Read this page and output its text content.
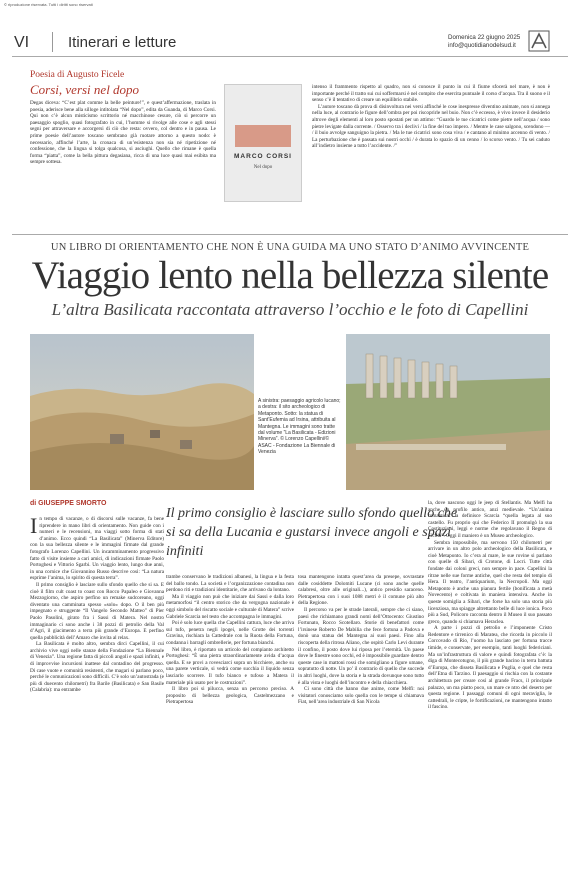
© riproduzione riservata. Tutti i diritti sono riservati
VI	Itinerari e letture	Domenica 22 giugno 2025
info@quotidianodelsud.it
Poesia di Augusto Ficele
Corsi, versi nel dopo

Degas diceva: “C’est plat comme la belle peinture!”, e quest’affermazione, traslata in poesia, aderisce bene alla silloge intitolata “Nel dopo”, edita da Guanda, di Marco Corsi. Qui non c’è alcun misticismo scrittorio né macchinose cesure, ciò si percorre un paesaggio spoglio, quasi fotografato in cui, l’homme si rivolge alle cose e agli stessi segni per attraversare e accorgersi di ciò che resta: ovvero, col dentro e in pausa. Le prime poesie dell’autore toscano sembrano già ruotare attorno a questo nodo: è necessario, affinché l’arte, la cronaca di un’esistenza non sia né ripetizione né confessione, che la lingua si tolga qualcosa, si asciughi. Quello che rimane è quella forma “piatta”, come la bella pittura degasiana, ricca di una luce quasi mai esibita ma sempre sottesa.

MARCO CORSI
Nel dopo

intenso il frammento rispetto al quadro, non si conosce il punto in cui il fiume sfocerà nel mare, è non è importante perché il tratto sui cui soffermarsi è nel compito che esercita puntuale il corso d’acqua. Tra il suono e il senso c’è il tentativo di creare un equilibrio stabile.

L’autore toscano dà prova di disinvoltura nei versi affinché le cose inespresse diventino animate, non si annega nella luce, al contrario le figure dell’ombra per poi riscoprirle nel buio. Non c’è eccesso, è vivo invece il desiderio altrove degli elementi al loro posto spostati per un attimo: “Guardo le tue cicatrici come pietre nell’acqua / sono pietre levigate dalla corrente. / Osservo tra i declivi / la fine del tuo impero. / Mentre le case salgono, scendono — / il buio avvolge sanguigno la pietra. / Ma le tue cicatrici sono cosa viva / e cantano al minimo accenno di vento. / La perturbazione che è passata sui nostri occhi / è durata lo spazio di un cenno / lo scorso vento. / Tu sei caduto all’indietro insieme a tutto l’accidente. /”

UN LIBRO DI ORIENTAMENTO CHE NON È UNA GUIDA MA UNO STATO D’ANIMO AVVINCENTE
Viaggio lento nella bellezza silente
L’altra Basilicata raccontata attraverso l’occhio e le foto di Capellini
A sinistra: paesaggio agricolo lucano; a destra: il sito archeologico di Metaponto. Sotto: la statua di Sant’Eufemia ad Irsina, attribuita al Mantegna. Le immagini sono tratte dal volume “La Basilicata - Edizioni Minerva”. © Lorenzo Capellini/© ASAC - Fondazione La Biennale di Venezia
di GIUSEPPE SMORTO
Il primo consiglio è lasciare sullo sfondo quello che si sa della Lucania e gustarsi invece angoli e spazi infiniti

In tempo di vacanze, o di discorsi sulle vacanze, fa bene riprendere in mano libri di orientamento. Non guide con i numeri e le recensioni, ma viaggi sotto forma di stati d’animo. Ecco quindi “La Basilicata” (Minerva Editore) con la sua bellezza silente e le immagini firmate dal grande fotografo Lorenzo Capellini. Un incamminamento progressivo fatto di visite insieme a cari amici, di indicazioni firmate Paolo Portoghesi e Vittorio Sgarbi. Un viaggio lento, lungo due anni, in una cornice che Giovannino Russo descrive così: “La natura esprime l’anima, lo spirito di questa terra”.

Il primo consiglio è lasciare sullo sfondo quello che si sa. E cioè il film cult coast to coast con Rocco Papaleo e Giovanna Mezzogiorno, che aspiro perfino un remake sudcoreano, oggi diventato una camminata spesso «solo» dopo. O il ben più impegnato e struggente “Il Vangelo Secondo Matteo” di Pier Paolo Pasolini, girato fra i Sassi di Matera. Nel nostro immaginario ci sono anche i 38 pozzi di petrolio della Val d’Agri, il giacimento a terra più grande d’Europa. E perfino quella pubblicità dell’Amaro che invita al relax.

La Basilicata è molto altro, sembra dirci Capellini, il cui archivio vive oggi nelle stanze della Fondazione “La Biennale di Venezia”. Una regione fatta di piccoli angoli e spazi infiniti, e di improvvise incursioni inattese dal contadino del progresso. Di case vuote e comunità resistenti, che magari si parlano poco, perché le comunicazioni sono difficili. C’è solo un’autostrada (e più di duecento chilometri) fra Barile (Basilicata) e San Basile (Calabria): ma entrambe

trambe conservano le tradizioni albanesi, la lingua e la festa del ballo tondo. La società e l’organizzazione contadina non perdono riti e tradizioni identitarie, che arrivano da lontano.

Ma il viaggio non può che iniziare dai Sassi e dalla loro metamorfosi “il centro storico che da vergogna nazionale è oggi simbolo del riscatto sociale e culturale di Matera” scrive Gabriele Scarcia nel testo che accompagna le immagini.

Poi è solo luce quella che Capellini cattura, luce che arriva sul tufo, penetra negli ipogei, nelle Grotte dei torrenti Gravina, rischiara la Cattedrale con la Ruota della Fortuna, condanna i barragli ombrellerie, per fortuna bianchi.

Nel libro, è riportato un articolo del compianto architetto Portoghesi: “È una pietra straordinariamente avida d’acqua quella. E se provi a rovesciarci sopra un bicchiere, anche su una parete verticale, si vedrà come succhia il liquido senza lasciarlo scorrere. Il tufo bianco e tufoso a Matera il materiale più usato per le costruzioni”.

Il libro poi si pilucca, senza un percorso preciso. A proposito di bellezza geologica, Castelmezzano e Pietrapertosa

tosa mantengono intatta quest’area da presepe, sovrastate dalle cosiddette Dolomiti Lucane (ci sono anche quelle calabresi, oltre alle originali...), antico presidio saraceno. Pietrapertosa con i suoi 1088 metri è il comune più alto della Regione.

Il percorso va per le strade laterali, sempre che ci siano, paesi che richiamano grandi nomi dell’Ottocento: Giustino Fortunato, Rocco Scotellaro. Storie di benefattori come l’irsinese Roberto De Mabilia che fece fortuna a Padova e donò una statua del Mantegna ai suoi paesi. Fino alla riscoperta della ritrosa Aliano, che ospitò Carlo Levi durante il confino, il posto dove lui riposa per l’eternità. Un paese dove le finestre sono occhi, ed è impossibile guardare dentro queste case in mattoni rossi che somigliano a figure umane, sopratutto di notte. Un po’ il contrario di quello che succede in altri luoghi, dove la storia e la strada dovunque sono tutto è alla vista e luoghi dell’incontro e della chiacchiera.

Ci sono città che hanno due anime, come Melfi: noi visitatori conosciamo solo quella con le tempe si chiamava Fiat, nell’area industriale di San Nicola

la, dove nascono oggi le jeep di Stellantis. Ma Melfi ha anche un profilo antico, anzi medievale. “Un’anima romantica” la definisce Scarcia “quella legata al suo castello. Fu proprio qui che Federico II promulgò la sua Costituzioni, leggi e norme che regolavano il Regno di Sicilia”. Oggi il maniero è un Museo archeologico.

Sembra impossibile, ma servono 150 chilometri per arrivare in un altro polo archeologico della Basilicata, e cioè Metaponto. Io c’era al mare, le sue rovine si parlano con quelle di Sibari, di Crotone, di Locri. Tutte città fondate dai coloni greci, non sempre in pace. Capellini la ritrae nelle sue forme antiche, quel che resta del tempio di Hera. Il teatro, l’antiquarium, la Necropoli. Ma oggi Metaponto è anche una pianura fertile (bonificata a metà Novecento) e coltivata in maniera intensiva. Anche in queste somiglia a Sibari, che forse ha solo una storia più licenziosa, ma spiagge altrettanto belle di luce ionica. Poco più a Sud, Policoro racconta dentro il Museo il suo passato greco, quando si chiamava Heraclea.

A parte i pozzi di petrolio e l’imponente Cristo Redentore e tirrenico di Maratea, che ricorda in piccolo il Corcovado di Rio, l’uomo ha lasciato per fortuna tracce timide, e conservate, per esempio, tanti luoghi federiciani. Ma un’infrastruttura di valore e quindi fotografata c’è: la diga di Montecotugno, il più grande bacino in terra battuta d’Europa, che disseta Basilicata e Puglia, e quel che resta dell’Etna di Tarzino. Il paesaggio si rischia con la costante architettura per creare così al grande Fracs, il principale palazzo, un ma piatto poco, un mare ce ntro del deserto per questa regione. I passaggi comuni di ogni meraviglia, le cattedrali, le cripte, le fortificazioni, ne mantengono intatto il fascino.
